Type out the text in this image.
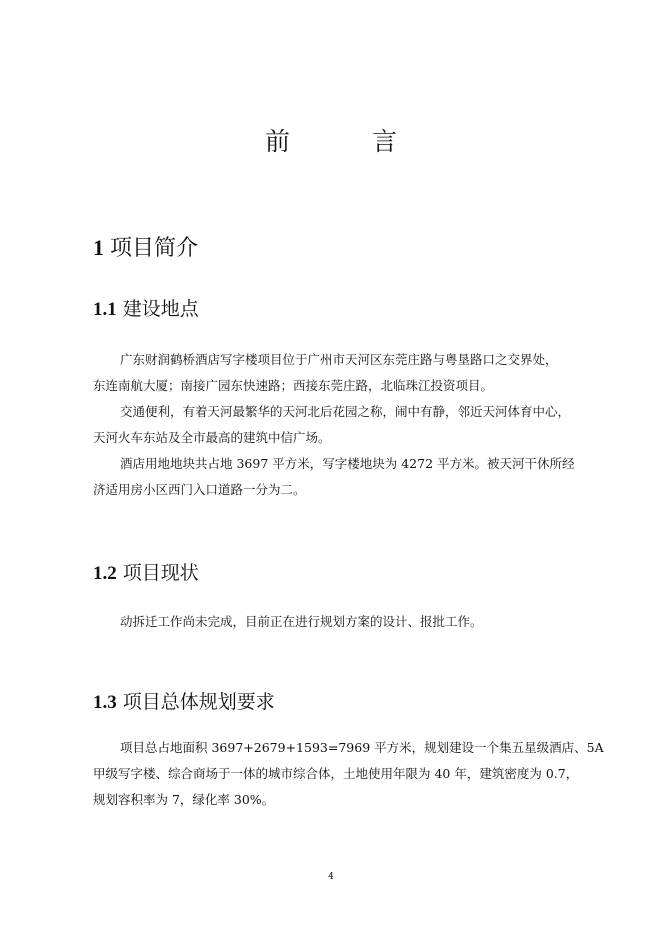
前	言
1 项目简介
1.1 建设地点
广东财润鹤桥酒店写字楼项目位于广州市天河区东莞庄路与粤垦路口之交界处，
东连南航大厦；南接广园东快速路；西接东莞庄路，北临珠江投资项目。
交通便利，有着天河最繁华的天河北后花园之称，闹中有静，邻近天河体育中心，
天河火车东站及全市最高的建筑中信广场。
酒店用地地块共占地 3697 平方米，写字楼地块为 4272 平方米。被天河干休所经
济适用房小区西门入口道路一分为二。
1.2 项目现状
动拆迁工作尚未完成，目前正在进行规划方案的设计、报批工作。
1.3 项目总体规划要求
项目总占地面积 3697+2679+1593=7969 平方米，规划建设一个集五星级酒店、5A
甲级写字楼、综合商场于一体的城市综合体，土地使用年限为 40 年，建筑密度为 0.7，
规划容积率为 7，绿化率 30%。
4
